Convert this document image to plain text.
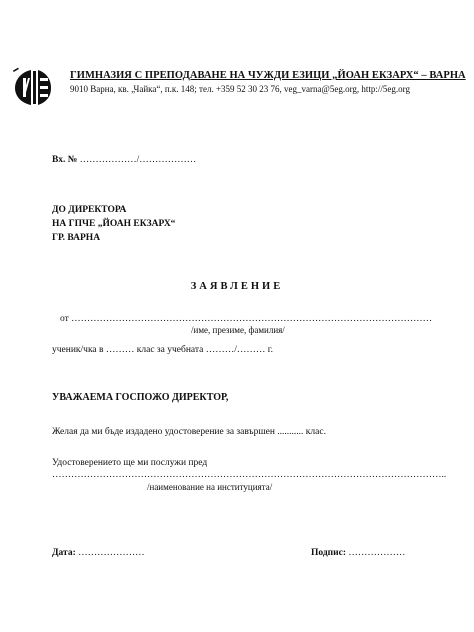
ГИМНАЗИЯ С ПРЕПОДАВАНЕ НА ЧУЖДИ ЕЗИЦИ „ЙОАН ЕКЗАРХ“ – ВАРНА
9010 Варна, кв. „Чайка“, п.к. 148; тел. +359 52 30 23 76, veg_varna@5eg.org, http://5eg.org
Вх. № ………………/………………
ДО ДИРЕКТОРА
НА ГПЧЕ „ЙОАН ЕКЗАРХ“
ГР. ВАРНА
ЗАЯВЛЕНИЕ
от ……………………………………………………………………………………………………
/име, презиме, фамилия/
ученик/чка в ……… клас за учебната ………/……… г.
УВАЖАЕМА ГОСПОЖО ДИРЕКТОР,
Желая да ми бъде издадено удостоверение за завършен ........... клас.
Удостоверението ще ми послужи пред
……………………………………………………………………………………………………………..
/наименование на институцията/
Дата: …………………	Подпис: ………………
